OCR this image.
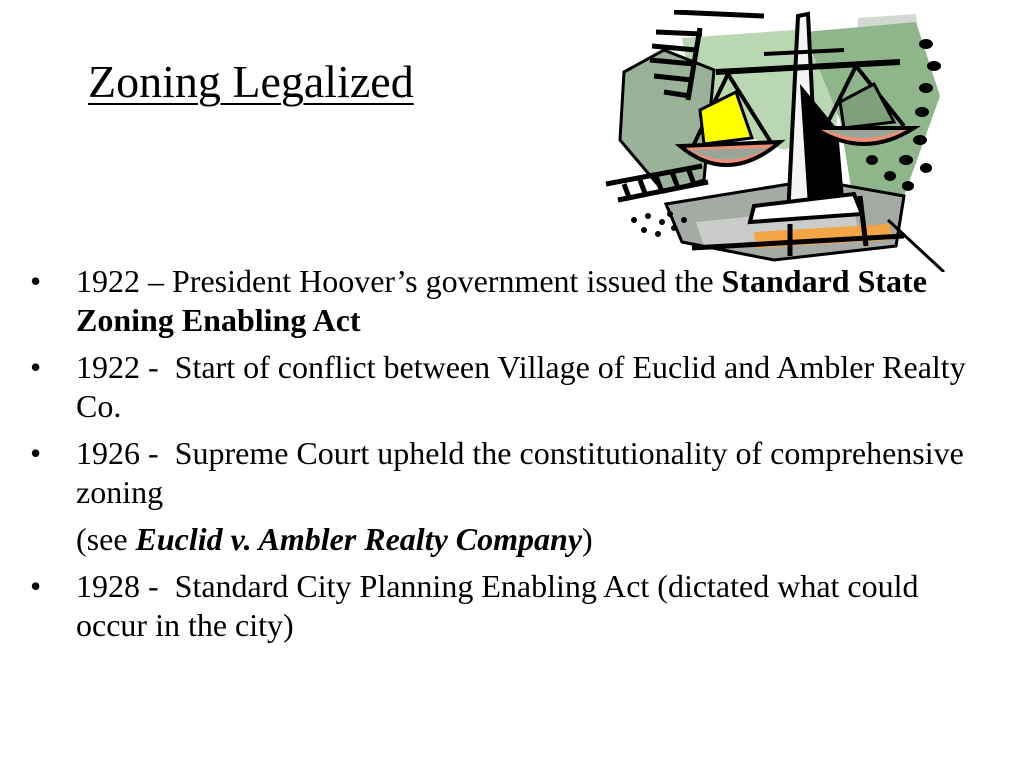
Zoning Legalized
•	1922 – President Hoover’s government issued the Standard State Zoning Enabling Act
•	1922 -  Start of conflict between Village of Euclid and Ambler Realty Co.
•	1926 -  Supreme Court upheld the constitutionality of comprehensive zoning
(see Euclid v. Ambler Realty Company)
•	1928 -  Standard City Planning Enabling Act (dictated what could occur in the city)
